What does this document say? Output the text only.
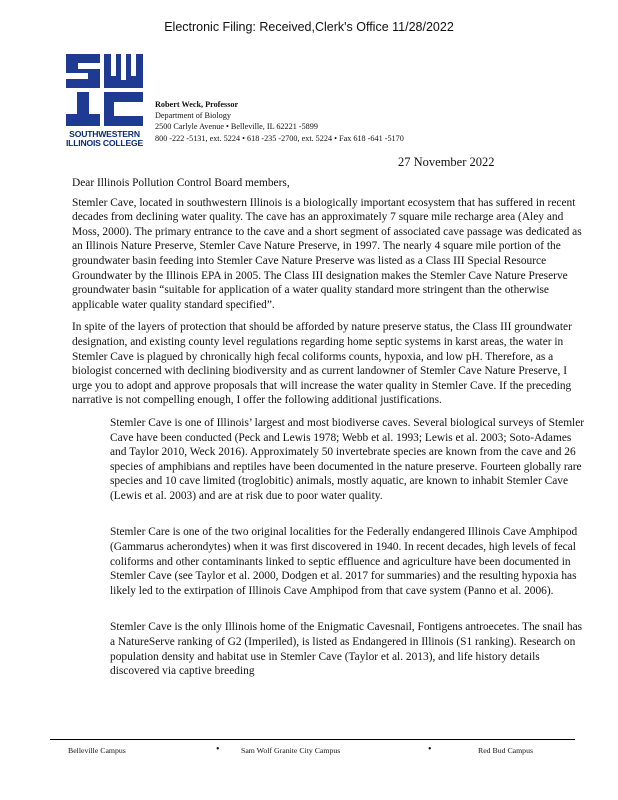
Electronic Filing: Received,Clerk's Office 11/28/2022
SOUTHWESTERN
ILLINOIS COLLEGE
Robert Weck, Professor
Department of Biology
2500 Carlyle Avenue • Belleville, IL 62221 -5899
800 -222 -5131, ext. 5224 • 618 -235 -2700, ext. 5224 • Fax 618 -641 -5170
27 November 2022

Dear Illinois Pollution Control Board members,

Stemler Cave, located in southwestern Illinois is a biologically important ecosystem that has suffered in recent decades from declining water quality. The cave has an approximately 7 square mile recharge area (Aley and Moss, 2000). The primary entrance to the cave and a short segment of associated cave passage was dedicated as an Illinois Nature Preserve, Stemler Cave Nature Preserve, in 1997. The nearly 4 square mile portion of the groundwater basin feeding into Stemler Cave Nature Preserve was listed as a Class III Special Resource Groundwater by the Illinois EPA in 2005. The Class III designation makes the Stemler Cave Nature Preserve groundwater basin “suitable for application of a water quality standard more stringent than the otherwise applicable water quality standard specified”.

In spite of the layers of protection that should be afforded by nature preserve status, the Class III groundwater designation, and existing county level regulations regarding home septic systems in karst areas, the water in Stemler Cave is plagued by chronically high fecal coliforms counts, hypoxia, and low pH. Therefore, as a biologist concerned with declining biodiversity and as current landowner of Stemler Cave Nature Preserve, I urge you to adopt and approve proposals that will increase the water quality in Stemler Cave. If the preceding narrative is not compelling enough, I offer the following additional justifications.

Stemler Cave is one of Illinois’ largest and most biodiverse caves. Several biological surveys of Stemler Cave have been conducted (Peck and Lewis 1978; Webb et al. 1993; Lewis et al. 2003; Soto-Adames and Taylor 2010, Weck 2016). Approximately 50 invertebrate species are known from the cave and 26 species of amphibians and reptiles have been documented in the nature preserve. Fourteen globally rare species and 10 cave limited (troglobitic) animals, mostly aquatic, are known to inhabit Stemler Cave (Lewis et al. 2003) and are at risk due to poor water quality.
Stemler Care is one of the two original localities for the Federally endangered Illinois Cave Amphipod (Gammarus acherondytes) when it was first discovered in 1940. In recent decades, high levels of fecal coliforms and other contaminants linked to septic effluence and agriculture have been documented in Stemler Cave (see Taylor et al. 2000, Dodgen et al. 2017 for summaries) and the resulting hypoxia has likely led to the extirpation of Illinois Cave Amphipod from that cave system (Panno et al. 2006).
Stemler Cave is the only Illinois home of the Enigmatic Cavesnail, Fontigens antroecetes. The snail has a NatureServe ranking of G2 (Imperiled), is listed as Endangered in Illinois (S1 ranking). Research on population density and habitat use in Stemler Cave (Taylor et al. 2013), and life history details discovered via captive breeding
Belleville Campus	•	Sam Wolf Granite City Campus	•	Red Bud Campus
